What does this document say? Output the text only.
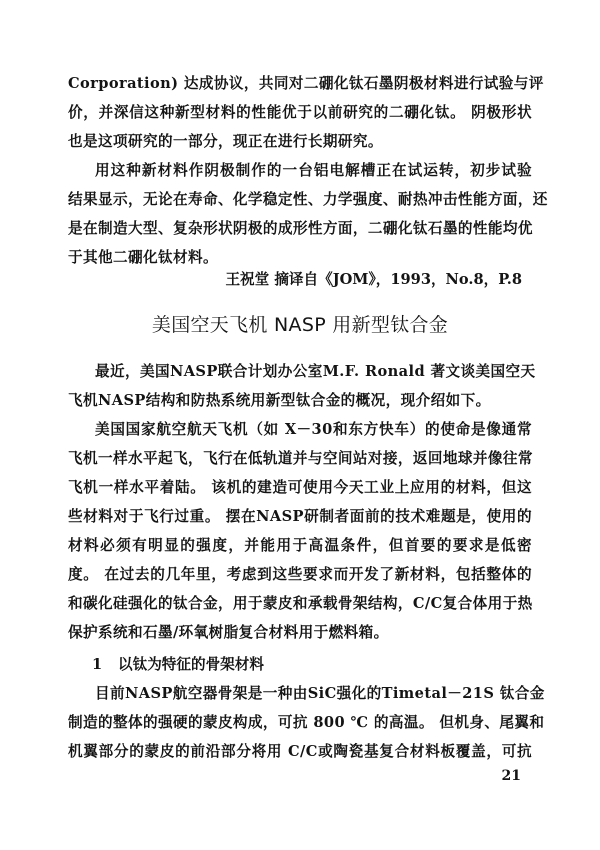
Corporation) 达成协议，共同对二硼化钛石墨阴极材料进行试验与评
价，并深信这种新型材料的性能优于以前研究的二硼化钛。 阴极形状
也是这项研究的一部分，现正在进行长期研究。
用这种新材料作阴极制作的一台铝电解槽正在试运转，初步试验
结果显示，无论在寿命、化学稳定性、力学强度、耐热冲击性能方面，还
是在制造大型、复杂形状阴极的成形性方面，二硼化钛石墨的性能均优
于其他二硼化钛材料。
王祝堂 摘译自《JOM》，1993，No.8，P.8
美国空天飞机 NASP 用新型钛合金
最近，美国NASP联合计划办公室M.F. Ronald 著文谈美国空天
飞机NASP结构和防热系统用新型钛合金的概况，现介绍如下。
美国国家航空航天飞机（如 X－30和东方快车）的使命是像通常
飞机一样水平起飞，飞行在低轨道并与空间站对接，返回地球并像往常
飞机一样水平着陆。 该机的建造可使用今天工业上应用的材料，但这
些材料对于飞行过重。 摆在NASP研制者面前的技术难题是，使用的
材料必须有明显的强度，并能用于高温条件，但首要的要求是低密
度。 在过去的几年里，考虑到这些要求而开发了新材料，包括整体的
和碳化硅强化的钛合金，用于蒙皮和承载骨架结构，C/C复合体用于热
保护系统和石墨/环氧树脂复合材料用于燃料箱。
1 以钛为特征的骨架材料
目前NASP航空器骨架是一种由SiC强化的Timetal－21S 钛合金
制造的整体的强硬的蒙皮构成，可抗 800 ℃ 的高温。 但机身、尾翼和
机翼部分的蒙皮的前沿部分将用 C/C或陶瓷基复合材料板覆盖，可抗
21
